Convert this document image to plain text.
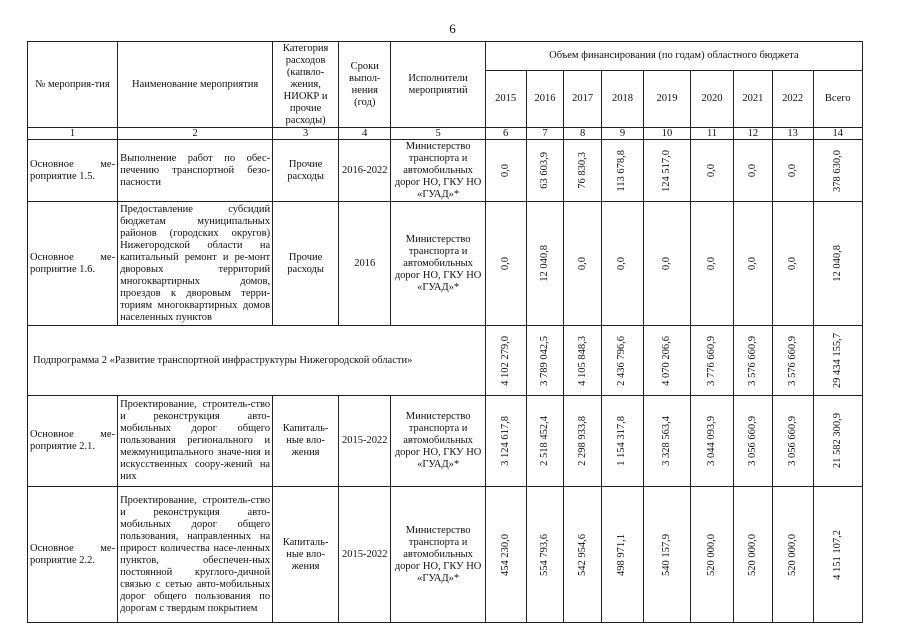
6
№ мероприя-тия	Наименование мероприятия	Категория расходов (капвло-жения, НИОКР и прочие расходы)	Сроки выпол-нения (год)	Исполнители мероприятий	Объем финансирования (по годам) областного бюджета								
					2015	2016	2017	2018	2019	2020	2021	2022	Всего
1	2	3	4	5	6	7	8	9	10	11	12	13	14
Основное ме-роприятие 1.5.	Выполнение работ по обес-печению транспортной безо-пасности	Прочие расходы	2016-2022	Министерство транспорта и автомобильных дорог НО, ГКУ НО «ГУАД»*	0,0	63 603,9	76 830,3	113 678,8	124 517,0	0,0	0,0	0,0	378 630,0

Основное ме-роприятие 1.6.	Предоставление субсидий бюджетам муниципальных районов (городских округов) Нижегородской области на капитальный ремонт и ре-монт дворовых территорий многоквартирных домов, проездов к дворовым терри-ториям многоквартирных домов населенных пунктов	Прочие расходы	2016	Министерство транспорта и автомобильных дорог НО, ГКУ НО «ГУАД»*	0,0	12 040,8	0,0	0,0	0,0	0,0	0,0	0,0	12 040,8

Подпрограмма 2 «Развитие транспортной инфраструктуры Нижегородской области»					4 102 279,0	3 789 042,5	4 105 848,3	2 436 796,6	4 070 206,6	3 776 660,9	3 576 660,9	3 576 660,9	29 434 155,7

Основное ме-роприятие 2.1.	Проектирование, строитель-ство и реконструкция авто-мобильных дорог общего пользования регионального и межмуниципального значе-ния и искусственных соору-жений на них	Капиталь-ные вло-жения	2015-2022	Министерство транспорта и автомобильных дорог НО, ГКУ НО «ГУАД»*	3 124 617,8	2 518 452,4	2 298 933,8	1 154 317,8	3 328 563,4	3 044 093,9	3 056 660,9	3 056 660,9	21 582 300,9

Основное ме-роприятие 2.2.	Проектирование, строитель-ство и реконструкция авто-мобильных дорог общего пользования, направленных на прирост количества насе-ленных пунктов, обеспечен-ных постоянной круглого-дичной связью с сетью авто-мобильных дорог общего пользования по дорогам с твердым покрытием	Капиталь-ные вло-жения	2015-2022	Министерство транспорта и автомобильных дорог НО, ГКУ НО «ГУАД»*	454 230,0	554 793,6	542 954,6	498 971,1	540 157,9	520 000,0	520 000,0	520 000,0	4 151 107,2
